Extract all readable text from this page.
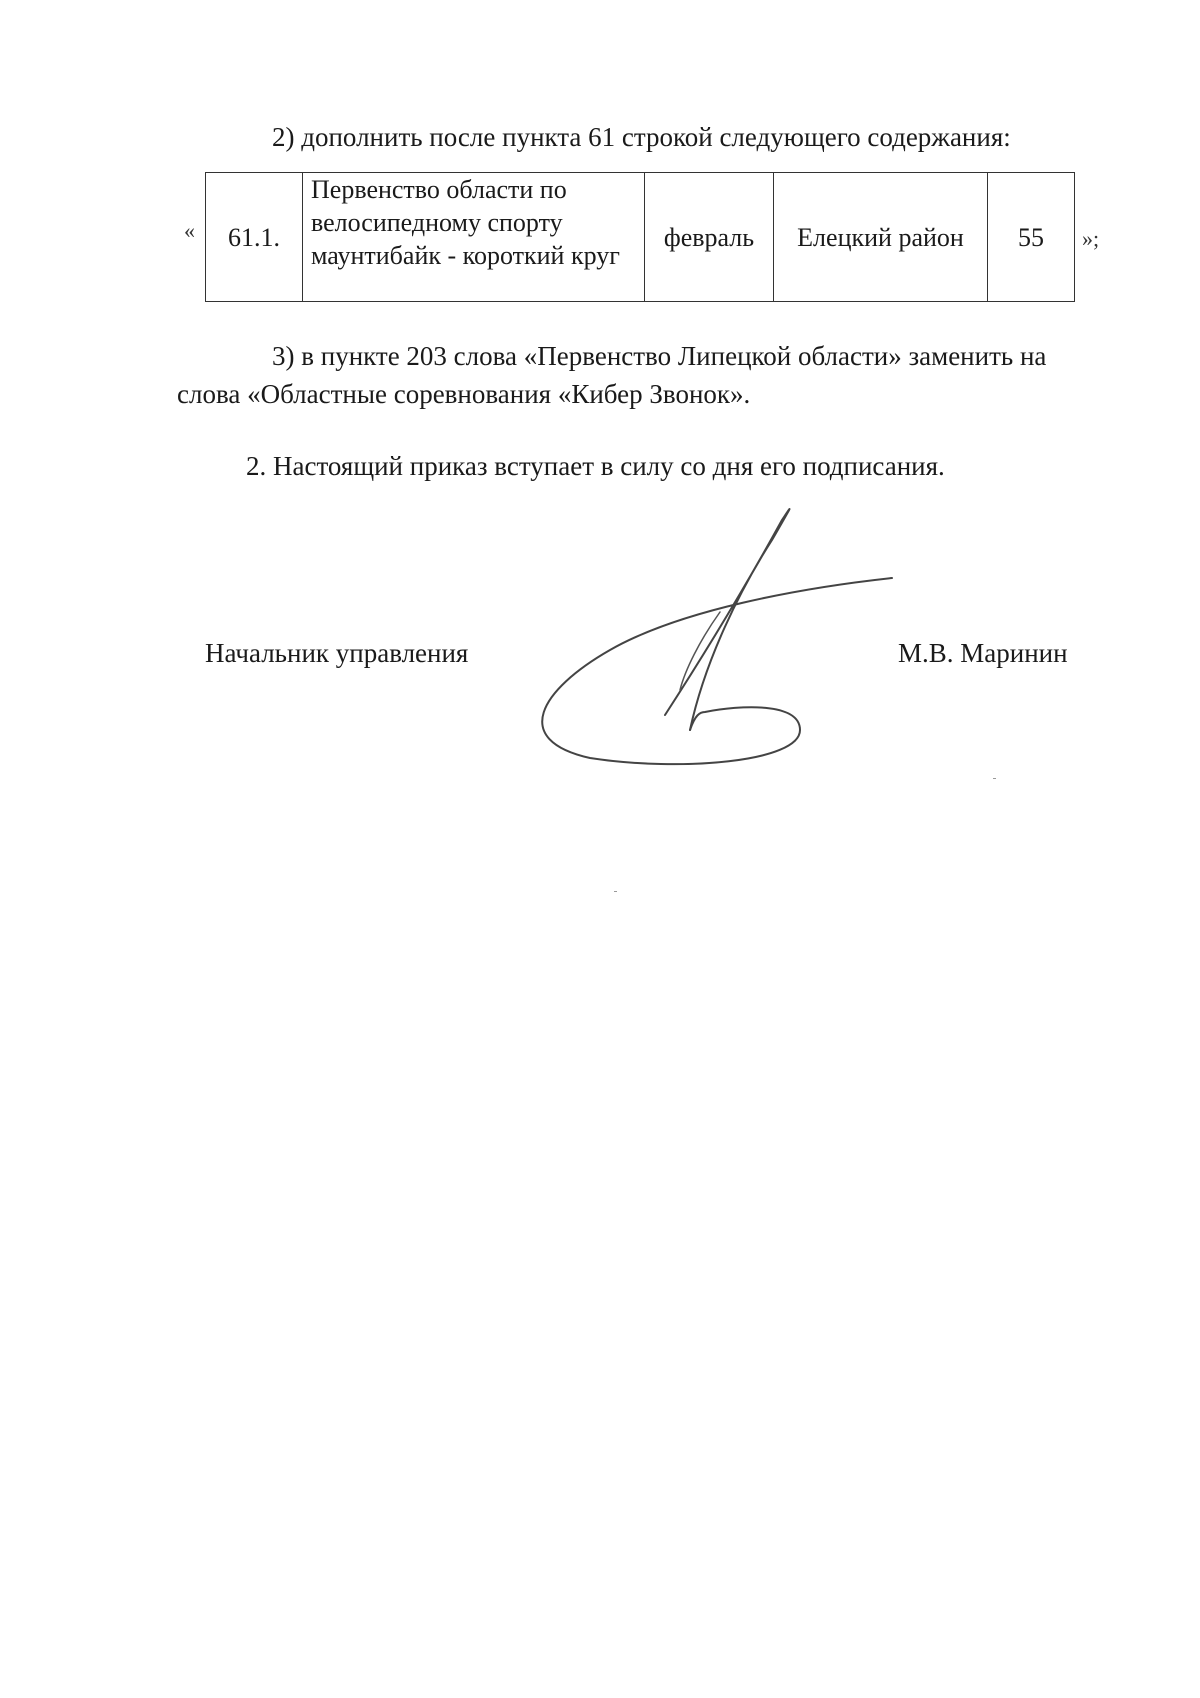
2) дополнить после пункта 61 строкой следующего содержания:
« 61.1.	Первенство области по велосипедному спорту маунтибайк - короткий круг	февраль	Елецкий район	55 »;
3) в пункте 203 слова «Первенство Липецкой области» заменить на
слова «Областные соревнования «Кибер Звонок».
2. Настоящий приказ вступает в силу со дня его подписания.
Начальник управления	М.В. Маринин
